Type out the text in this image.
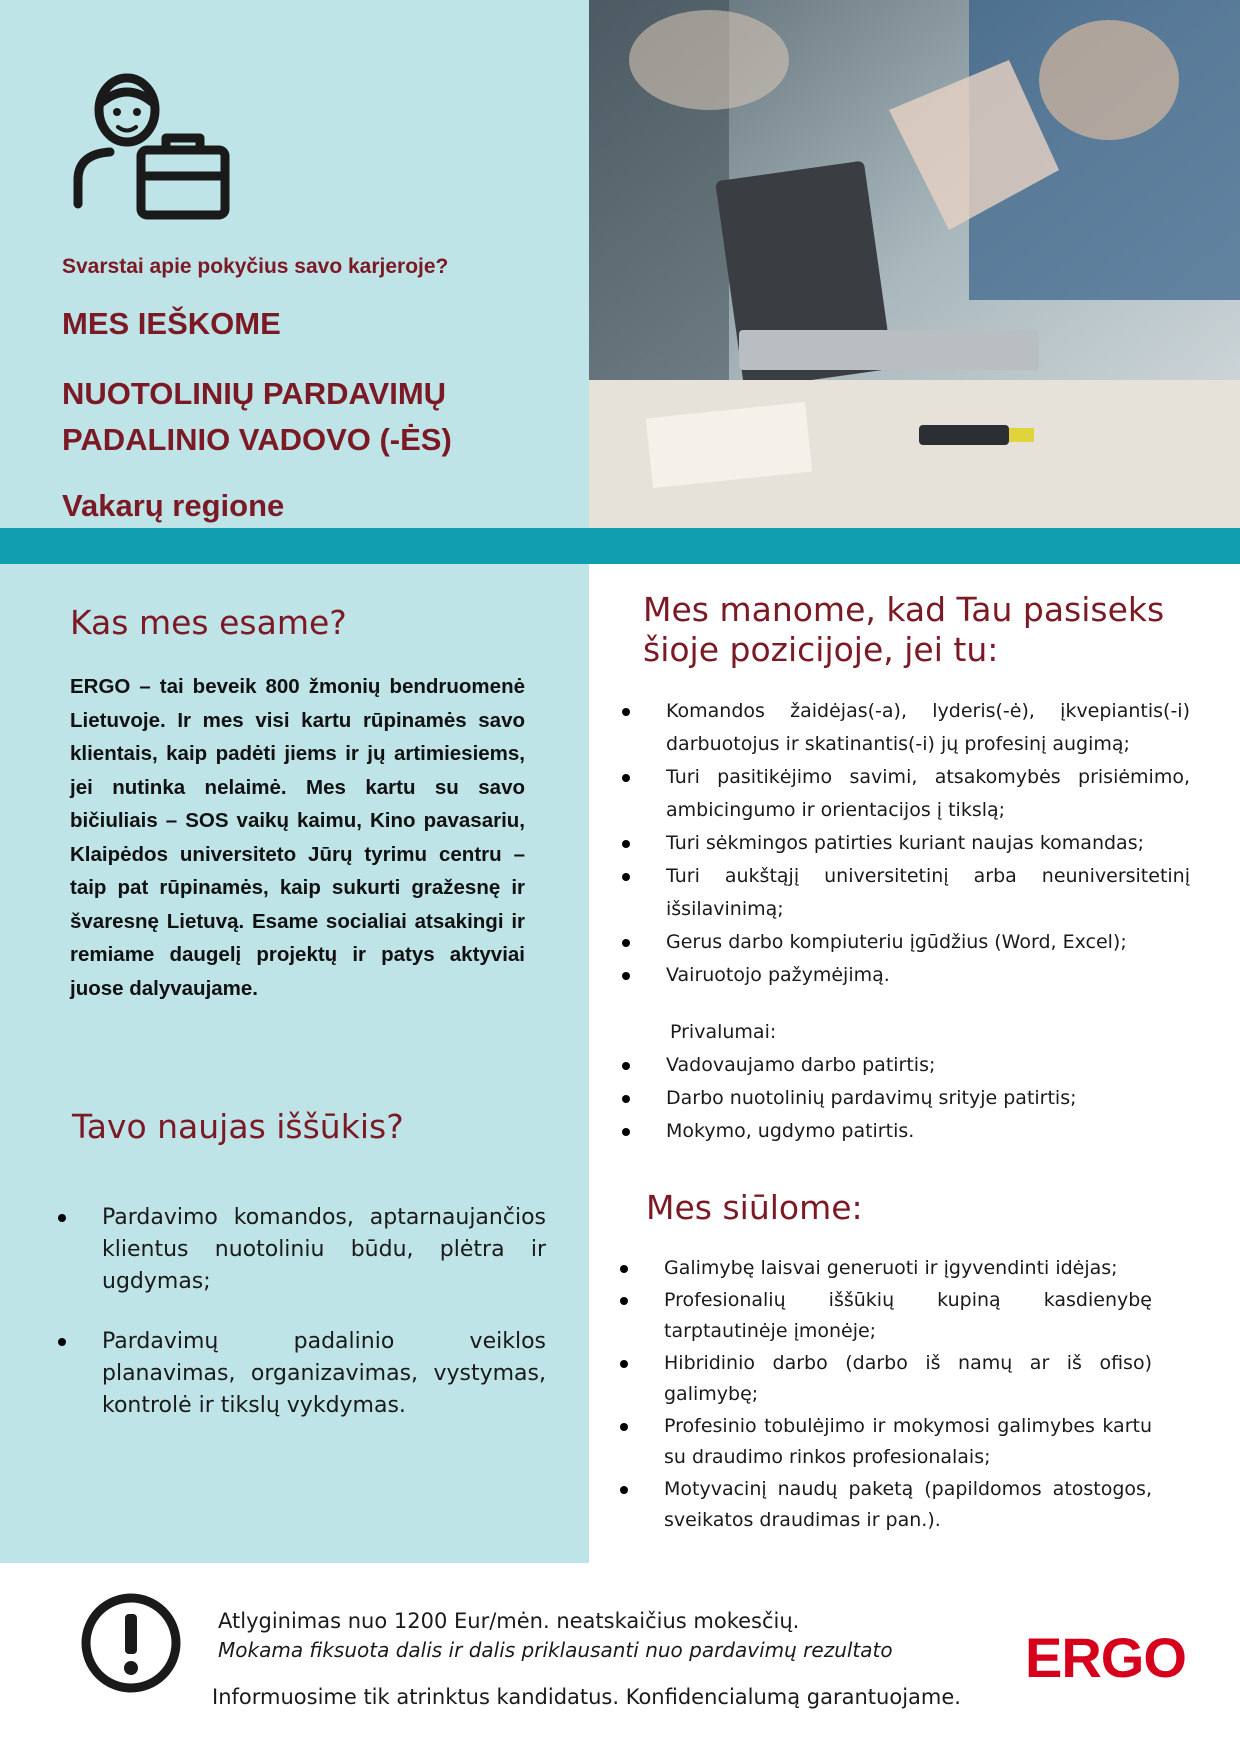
Svarstai apie pokyčius savo karjeroje?
MES IEŠKOME
NUOTOLINIŲ PARDAVIMŲ
PADALINIO VADOVO (-ĖS)
Vakarų regione
Kas mes esame?
ERGO – tai beveik 800 žmonių bendruomenė Lietuvoje. Ir mes visi kartu rūpinamės savo klientais, kaip padėti jiems ir jų artimiesiems, jei nutinka nelaimė. Mes kartu su savo bičiuliais – SOS vaikų kaimu, Kino pavasariu, Klaipėdos universiteto Jūrų tyrimu centru – taip pat rūpinamės, kaip sukurti gražesnę ir švaresnę Lietuvą. Esame socialiai atsakingi ir remiame daugelį projektų ir patys aktyviai juose dalyvaujame.
Tavo naujas iššūkis?
Pardavimo komandos, aptarnaujančios klientus nuotoliniu būdu, plėtra ir ugdymas;
Pardavimų padalinio veiklos planavimas, organizavimas, vystymas, kontrolė ir tikslų vykdymas.
Mes manome, kad Tau pasiseks
šioje pozicijoje, jei tu:
Komandos žaidėjas(-a), lyderis(-ė), įkvepiantis(-i) darbuotojus ir skatinantis(-i) jų profesinį augimą;
Turi pasitikėjimo savimi, atsakomybės prisiėmimo, ambicingumo ir orientacijos į tikslą;
Turi sėkmingos patirties kuriant naujas komandas;
Turi aukštąjį universitetinį arba neuniversitetinį išsilavinimą;
Gerus darbo kompiuteriu įgūdžius (Word, Excel);
Vairuotojo pažymėjimą.

Privalumai:

Vadovaujamo darbo patirtis;
Darbo nuotolinių pardavimų srityje patirtis;
Mokymo, ugdymo patirtis.
Mes siūlome:
Galimybę laisvai generuoti ir įgyvendinti idėjas;
Profesionalių iššūkių kupiną kasdienybę tarptautinėje įmonėje;
Hibridinio darbo (darbo iš namų ar iš ofiso) galimybę;
Profesinio tobulėjimo ir mokymosi galimybes kartu su draudimo rinkos profesionalais;
Motyvacinį naudų paketą (papildomos atostogos, sveikatos draudimas ir pan.).
Atlyginimas nuo 1200 Eur/mėn. neatskaičius mokesčių.
Mokama fiksuota dalis ir dalis priklausanti nuo pardavimų rezultato
Informuosime tik atrinktus kandidatus. Konfidencialumą garantuojame.
ERGO
